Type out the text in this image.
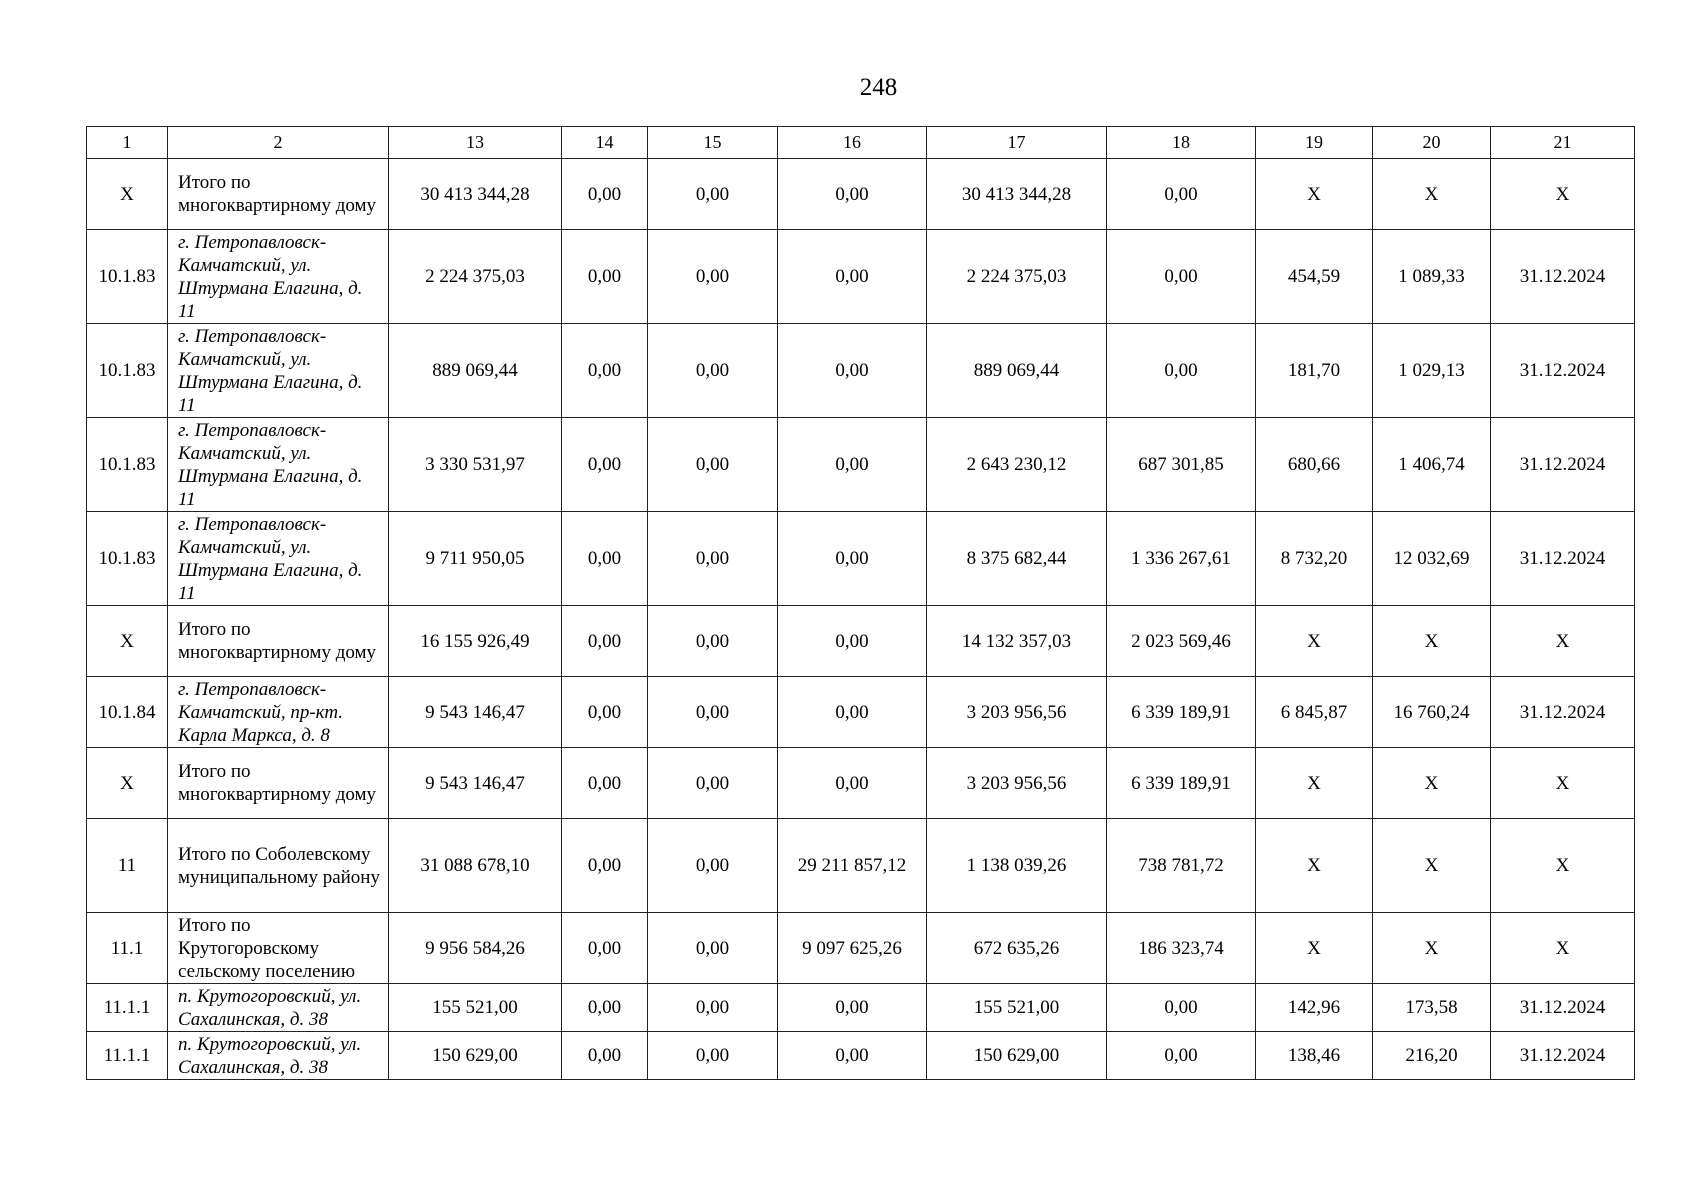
248
1	2	13	14	15	16	17	18	19	20	21
X	Итого по многоквартирному дому	30 413 344,28	0,00	0,00	0,00	30 413 344,28	0,00	X	X	X
10.1.83	г. Петропавловск-Камчатский, ул. Штурмана Елагина, д. 11	2 224 375,03	0,00	0,00	0,00	2 224 375,03	0,00	454,59	1 089,33	31.12.2024
10.1.83	г. Петропавловск-Камчатский, ул. Штурмана Елагина, д. 11	889 069,44	0,00	0,00	0,00	889 069,44	0,00	181,70	1 029,13	31.12.2024
10.1.83	г. Петропавловск-Камчатский, ул. Штурмана Елагина, д. 11	3 330 531,97	0,00	0,00	0,00	2 643 230,12	687 301,85	680,66	1 406,74	31.12.2024
10.1.83	г. Петропавловск-Камчатский, ул. Штурмана Елагина, д. 11	9 711 950,05	0,00	0,00	0,00	8 375 682,44	1 336 267,61	8 732,20	12 032,69	31.12.2024
X	Итого по многоквартирному дому	16 155 926,49	0,00	0,00	0,00	14 132 357,03	2 023 569,46	X	X	X
10.1.84	г. Петропавловск-Камчатский, пр-кт. Карла Маркса, д. 8	9 543 146,47	0,00	0,00	0,00	3 203 956,56	6 339 189,91	6 845,87	16 760,24	31.12.2024
X	Итого по многоквартирному дому	9 543 146,47	0,00	0,00	0,00	3 203 956,56	6 339 189,91	X	X	X
11	Итого по Соболевскому муниципальному району	31 088 678,10	0,00	0,00	29 211 857,12	1 138 039,26	738 781,72	X	X	X
11.1	Итого по Крутогоровскому сельскому поселению	9 956 584,26	0,00	0,00	9 097 625,26	672 635,26	186 323,74	X	X	X
11.1.1	п. Крутогоровский, ул. Сахалинская, д. 38	155 521,00	0,00	0,00	0,00	155 521,00	0,00	142,96	173,58	31.12.2024
11.1.1	п. Крутогоровский, ул. Сахалинская, д. 38	150 629,00	0,00	0,00	0,00	150 629,00	0,00	138,46	216,20	31.12.2024
